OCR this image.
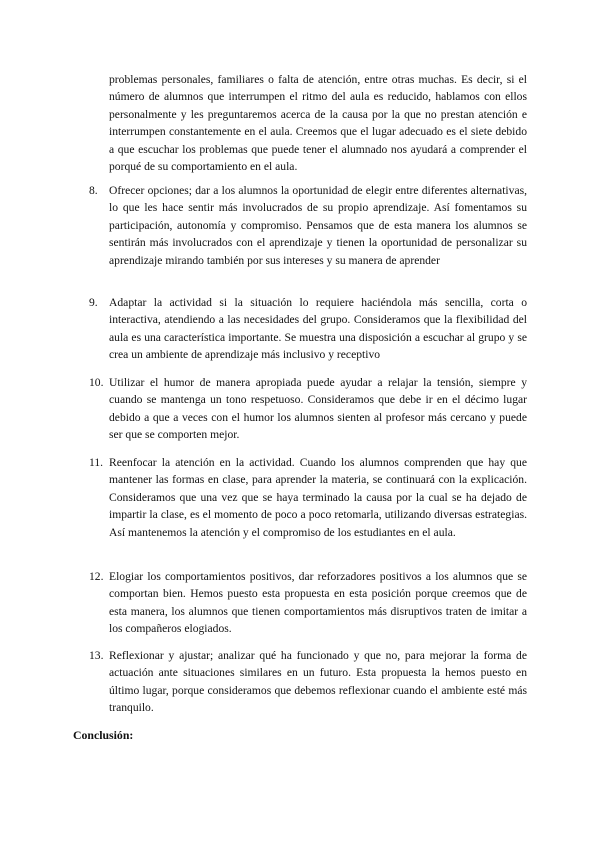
problemas personales, familiares o falta de atención, entre otras muchas. Es decir, si el número de alumnos que interrumpen el ritmo del aula es reducido, hablamos con ellos personalmente y les preguntaremos acerca de la causa por la que no prestan atención e interrumpen constantemente en el aula. Creemos que el lugar adecuado es el siete debido a que escuchar los problemas que puede tener el alumnado nos ayudará a comprender el porqué de su comportamiento en el aula.

8. Ofrecer opciones; dar a los alumnos la oportunidad de elegir entre diferentes alternativas, lo que les hace sentir más involucrados de su propio aprendizaje. Así fomentamos su participación, autonomía y compromiso. Pensamos que de esta manera los alumnos se sentirán más involucrados con el aprendizaje y tienen la oportunidad de personalizar su aprendizaje mirando también por sus intereses y su manera de aprender

9. Adaptar la actividad si la situación lo requiere haciéndola más sencilla, corta o interactiva, atendiendo a las necesidades del grupo. Consideramos que la flexibilidad del aula es una característica importante. Se muestra una disposición a escuchar al grupo y se crea un ambiente de aprendizaje más inclusivo y receptivo

10. Utilizar el humor de manera apropiada puede ayudar a relajar la tensión, siempre y cuando se mantenga un tono respetuoso. Consideramos que debe ir en el décimo lugar debido a que a veces con el humor los alumnos sienten al profesor más cercano y puede ser que se comporten mejor.

11. Reenfocar la atención en la actividad. Cuando los alumnos comprenden que hay que mantener las formas en clase, para aprender la materia, se continuará con la explicación. Consideramos que una vez que se haya terminado la causa por la cual se ha dejado de impartir la clase, es el momento de poco a poco retomarla, utilizando diversas estrategias. Así mantenemos la atención y el compromiso de los estudiantes en el aula.

12. Elogiar los comportamientos positivos, dar reforzadores positivos a los alumnos que se comportan bien. Hemos puesto esta propuesta en esta posición porque creemos que de esta manera, los alumnos que tienen comportamientos más disruptivos traten de imitar a los compañeros elogiados.

13. Reflexionar y ajustar; analizar qué ha funcionado y que no, para mejorar la forma de actuación ante situaciones similares en un futuro. Esta propuesta la hemos puesto en último lugar, porque consideramos que debemos reflexionar cuando el ambiente esté más tranquilo.

Conclusión:
